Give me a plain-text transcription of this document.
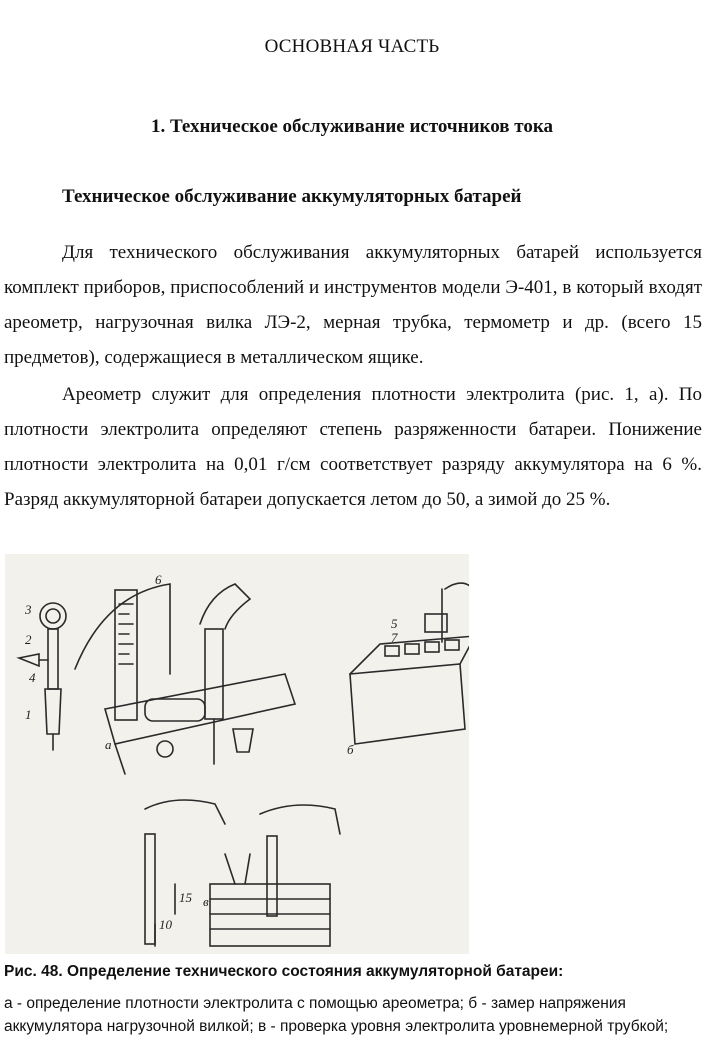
ОСНОВНАЯ ЧАСТЬ
1. Техническое обслуживание источников тока
Техническое обслуживание аккумуляторных батарей

Для технического обслуживания аккумуляторных батарей используется комплект приборов, приспособлений и инструментов модели Э-401, в который входят ареометр, нагрузочная вилка ЛЭ-2, мерная трубка, термометр и др. (всего 15 предметов), содержащиеся в металлическом ящике.

Ареометр служит для определения плотности электролита (рис. 1, а). По плотности электролита определяют степень разряженности батареи. Понижение плотности электролита на 0,01 г/см соответствует разряду аккумулятора на 6 %. Разряд аккумуляторной батареи допускается летом до 50, а зимой до 25 %.

а	б
в
1
2
3
4
5
6
7
10
15
Рис. 48. Определение технического состояния аккумуляторной батареи:
а - определение плотности электролита с помощью ареометра; б - замер напряжения аккумулятора нагрузочной вилкой; в - проверка уровня электролита уровнемерной трубкой;
